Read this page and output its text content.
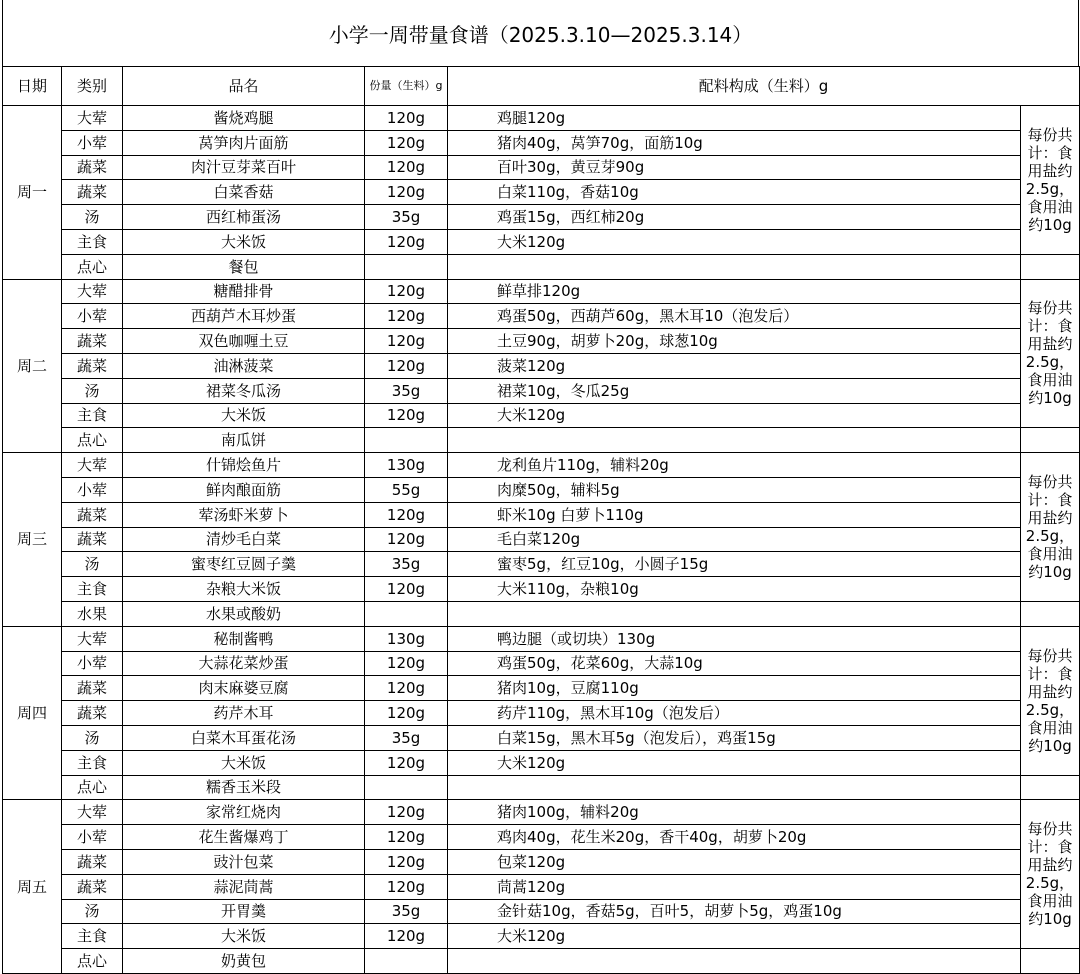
小学一周带量食谱（2025.3.10—2025.3.14）
日期	类别	品名	份量（生料）g	配料构成（生料）g	
周一	大荤	酱烧鸡腿	120g	鸡腿120g	每份共计：食用盐约2.5g，食用油约10g
	小荤	莴笋肉片面筋	120g	猪肉40g，莴笋70g，面筋10g	
	蔬菜	肉汁豆芽菜百叶	120g	百叶30g，黄豆芽90g	
	蔬菜	白菜香菇	120g	白菜110g，香菇10g	
	汤	西红柿蛋汤	35g	鸡蛋15g，西红柿20g	
	主食	大米饭	120g	大米120g	
	点心	餐包			
周二	大荤	糖醋排骨	120g	鲜草排120g	每份共计：食用盐约2.5g，食用油约10g
	小荤	西葫芦木耳炒蛋	120g	鸡蛋50g，西葫芦60g，黑木耳10（泡发后）	
	蔬菜	双色咖喱土豆	120g	土豆90g，胡萝卜20g，球葱10g	
	蔬菜	油淋菠菜	120g	菠菜120g	
	汤	裙菜冬瓜汤	35g	裙菜10g，冬瓜25g	
	主食	大米饭	120g	大米120g	
	点心	南瓜饼			
周三	大荤	什锦烩鱼片	130g	龙利鱼片110g，辅料20g	每份共计：食用盐约2.5g，食用油约10g
	小荤	鲜肉酿面筋	55g	肉糜50g，辅料5g	
	蔬菜	荤汤虾米萝卜	120g	虾米10g 白萝卜110g	
	蔬菜	清炒毛白菜	120g	毛白菜120g	
	汤	蜜枣红豆圆子羹	35g	蜜枣5g，红豆10g，小圆子15g	
	主食	杂粮大米饭	120g	大米110g，杂粮10g	
	水果	水果或酸奶			
周四	大荤	秘制酱鸭	130g	鸭边腿（或切块）130g	每份共计：食用盐约2.5g，食用油约10g
	小荤	大蒜花菜炒蛋	120g	鸡蛋50g，花菜60g，大蒜10g	
	蔬菜	肉末麻婆豆腐	120g	猪肉10g，豆腐110g	
	蔬菜	药芹木耳	120g	药芹110g，黑木耳10g（泡发后）	
	汤	白菜木耳蛋花汤	35g	白菜15g，黑木耳5g（泡发后），鸡蛋15g	
	主食	大米饭	120g	大米120g	
	点心	糯香玉米段			
周五	大荤	家常红烧肉	120g	猪肉100g，辅料20g	每份共计：食用盐约2.5g，食用油约10g
	小荤	花生酱爆鸡丁	120g	鸡肉40g，花生米20g，香干40g，胡萝卜20g	
	蔬菜	豉汁包菜	120g	包菜120g	
	蔬菜	蒜泥茼蒿	120g	茼蒿120g	
	汤	开胃羹	35g	金针菇10g，香菇5g，百叶5，胡萝卜5g，鸡蛋10g	
	主食	大米饭	120g	大米120g	
	点心	奶黄包			
